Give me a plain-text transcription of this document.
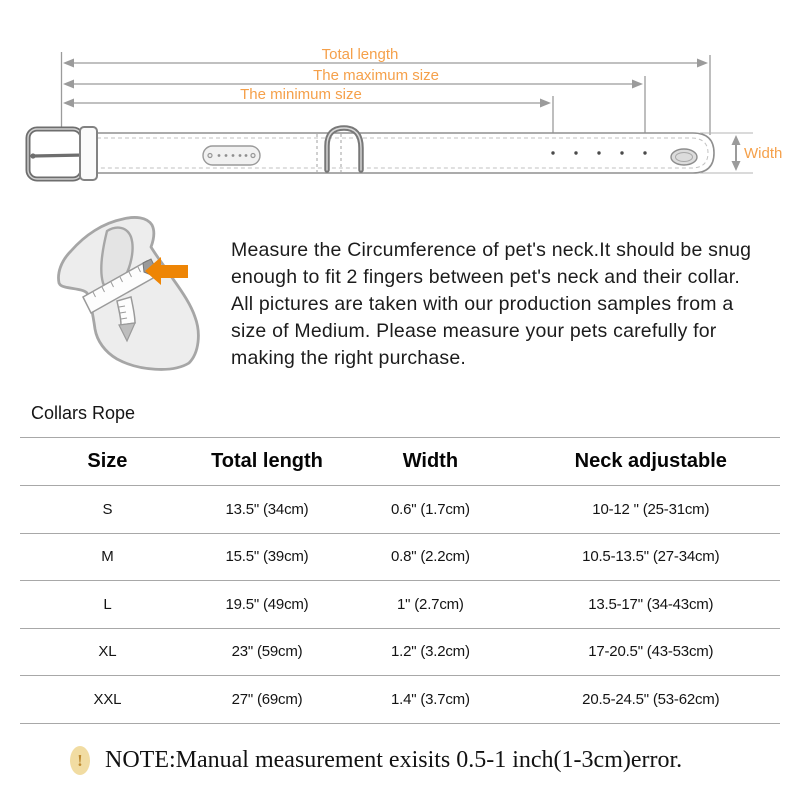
Total length
The maximum size
The minimum size
Width
Measure the Circumference of pet's neck.It should be snug
enough to fit 2 fingers between pet's neck and their collar.
All pictures are taken with our production samples from a
size of Medium. Please measure your pets carefully for
making the right purchase.
Collars Rope
Size	Total length	Width	Neck adjustable
S	13.5" (34cm)	0.6" (1.7cm)	10-12 " (25-31cm)
M	15.5" (39cm)	0.8" (2.2cm)	10.5-13.5" (27-34cm)
L	19.5" (49cm)	1" (2.7cm)	13.5-17" (34-43cm)
XL	23" (59cm)	1.2" (3.2cm)	17-20.5" (43-53cm)
XXL	27" (69cm)	1.4" (3.7cm)	20.5-24.5" (53-62cm)
! NOTE:Manual measurement exisits 0.5-1 inch(1-3cm)error.
